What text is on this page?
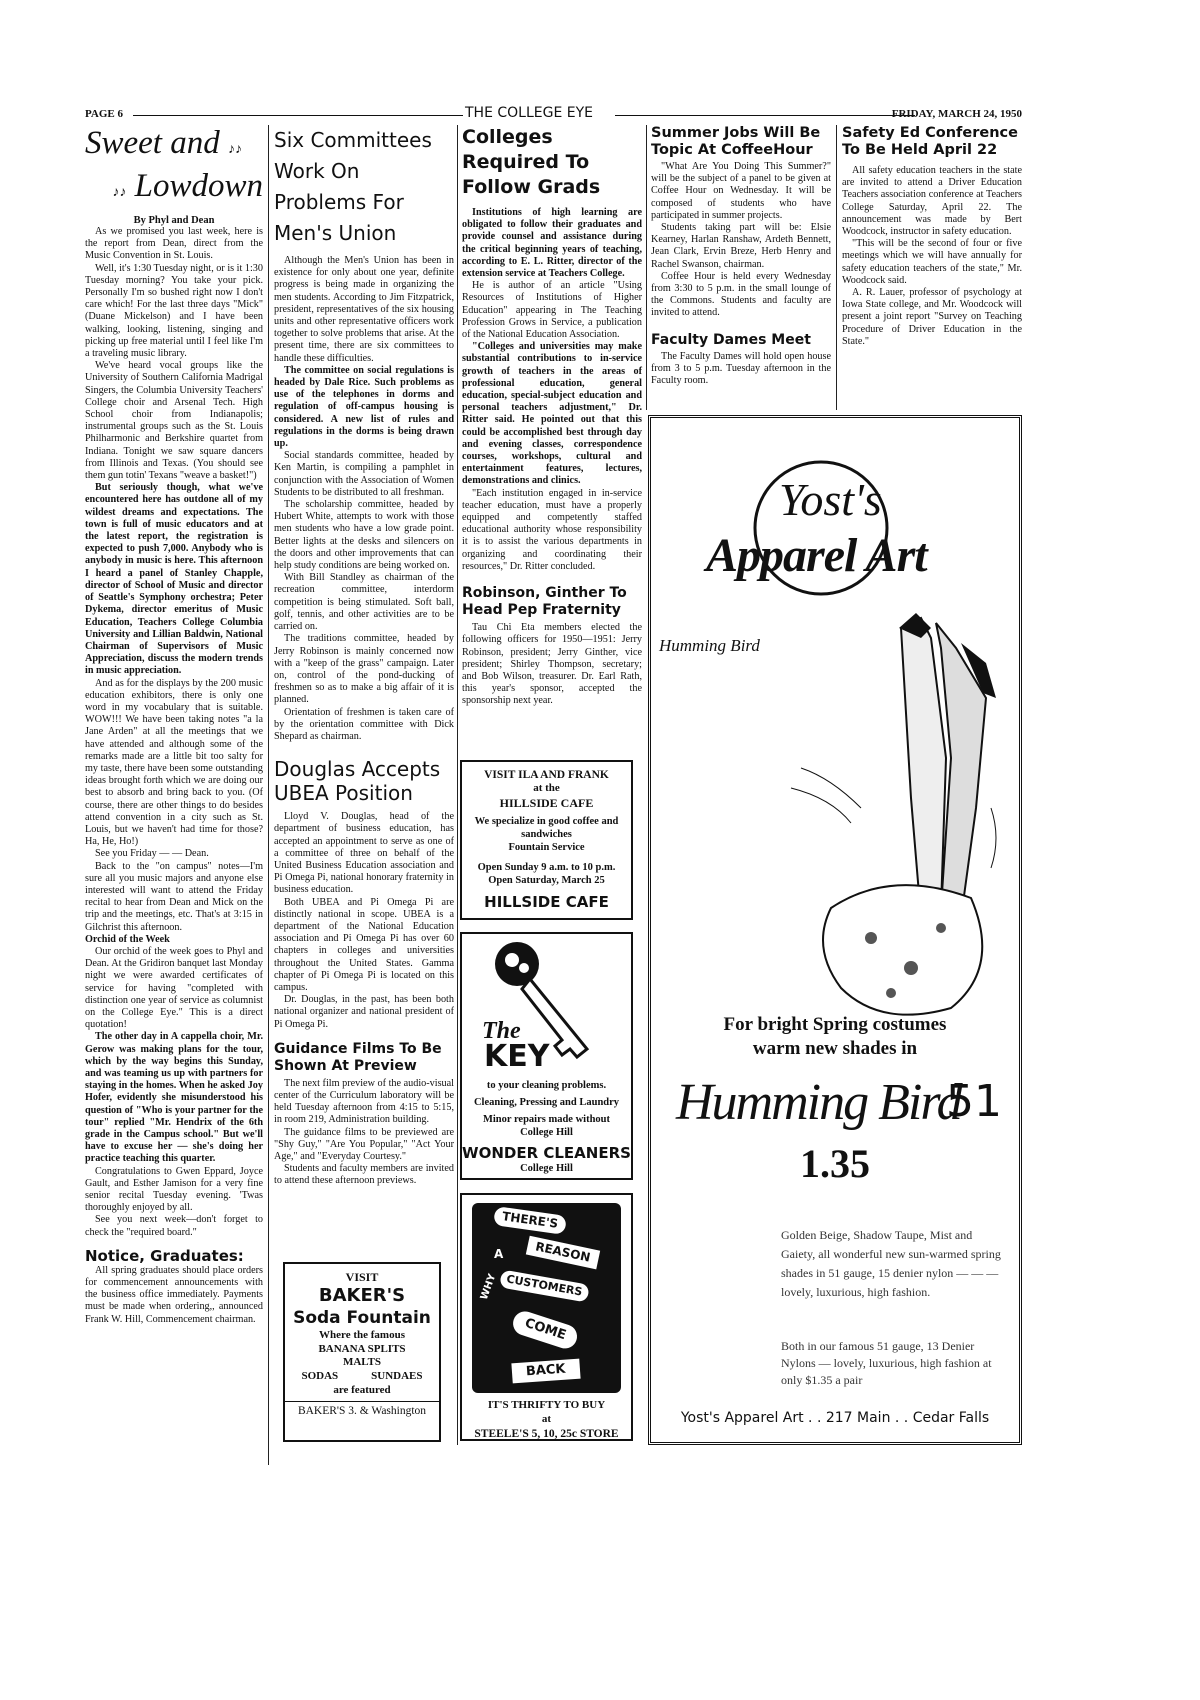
PAGE 6	THE COLLEGE EYE	FRIDAY, MARCH 24, 1950
Sweet and ♪♪
♪♪ Lowdown
By Phyl and Dean

As we promised you last week, here is the report from Dean, direct from the Music Convention in St. Louis.

Well, it's 1:30 Tuesday night, or is it 1:30 Tuesday morning? You take your pick. Personally I'm so bushed right now I don't care which! For the last three days "Mick" (Duane Mickelson) and I have been walking, looking, listening, singing and picking up free material until I feel like I'm a traveling music library.

We've heard vocal groups like the University of Southern California Madrigal Singers, the Columbia University Teachers' College choir and Arsenal Tech. High School choir from Indianapolis; instrumental groups such as the St. Louis Philharmonic and Berkshire quartet from Indiana. Tonight we saw square dancers from Illinois and Texas. (You should see them gun totin' Texans "weave a basket!")

But seriously though, what we've encountered here has outdone all of my wildest dreams and expectations. The town is full of music educators and at the latest report, the registration is expected to push 7,000. Anybody who is anybody in music is here. This afternoon I heard a panel of Stanley Chapple, director of School of Music and director of Seattle's Symphony orchestra; Peter Dykema, director emeritus of Music Education, Teachers College Columbia University and Lillian Baldwin, National Chairman of Supervisors of Music Appreciation, discuss the modern trends in music appreciation.

And as for the displays by the 200 music education exhibitors, there is only one word in my vocabulary that is suitable. WOW!!! We have been taking notes "a la Jane Arden" at all the meetings that we have attended and although some of the remarks made are a little bit too salty for my taste, there have been some outstanding ideas brought forth which we are doing our best to absorb and bring back to you. (Of course, there are other things to do besides attend convention in a city such as St. Louis, but we haven't had time for those? Ha, He, Ho!)

See you Friday — — Dean.

Back to the "on campus" notes—I'm sure all you music majors and anyone else interested will want to attend the Friday recital to hear from Dean and Mick on the trip and the meetings, etc. That's at 3:15 in Gilchrist this afternoon.

Orchid of the Week

Our orchid of the week goes to Phyl and Dean. At the Gridiron banquet last Monday night we were awarded certificates of service for having "completed with distinction one year of service as columnist on the College Eye." This is a direct quotation!

The other day in A cappella choir, Mr. Gerow was making plans for the tour, which by the way begins this Sunday, and was teaming us up with partners for staying in the homes. When he asked Joy Hofer, evidently she misunderstood his question of "Who is your partner for the tour" replied "Mr. Hendrix of the 6th grade in the Campus school." But we'll have to excuse her — she's doing her practice teaching this quarter.

Congratulations to Gwen Eppard, Joyce Gault, and Esther Jamison for a very fine senior recital Tuesday evening. 'Twas thoroughly enjoyed by all.

See you next week—don't forget to check the "required board."

Notice, Graduates:

All spring graduates should place orders for commencement announcements with the business office immediately. Payments must be made when ordering,, announced Frank W. Hill, Commencement chairman.

Six Committees Work On Problems For Men's Union

Although the Men's Union has been in existence for only about one year, definite progress is being made in organizing the men students. According to Jim Fitzpatrick, president, representatives of the six housing units and other representative officers work together to solve problems that arise. At the present time, there are six committees to handle these difficulties.

The committee on social regulations is headed by Dale Rice. Such problems as use of the telephones in dorms and regulation of off-campus housing is considered. A new list of rules and regulations in the dorms is being drawn up.

Social standards committee, headed by Ken Martin, is compiling a pamphlet in conjunction with the Association of Women Students to be distributed to all freshman.

The scholarship committee, headed by Hubert White, attempts to work with those men students who have a low grade point. Better lights at the desks and silencers on the doors and other improvements that can help study conditions are being worked on.

With Bill Standley as chairman of the recreation committee, interdorm competition is being stimulated. Soft ball, golf, tennis, and other activities are to be carried on.

The traditions committee, headed by Jerry Robinson is mainly concerned now with a "keep of the grass" campaign. Later on, control of the pond-ducking of freshmen so as to make a big affair of it is planned.

Orientation of freshmen is taken care of by the orientation committee with Dick Shepard as chairman.

Douglas Accepts UBEA Position

Lloyd V. Douglas, head of the department of business education, has accepted an appointment to serve as one of a committee of three on behalf of the United Business Education association and Pi Omega Pi, national honorary fraternity in business education.

Both UBEA and Pi Omega Pi are distinctly national in scope. UBEA is a department of the National Education association and Pi Omega Pi has over 60 chapters in colleges and universities throughout the United States. Gamma chapter of Pi Omega Pi is located on this campus.

Dr. Douglas, in the past, has been both national organizer and national president of Pi Omega Pi.

Guidance Films To Be Shown At Preview

The next film preview of the audio-visual center of the Curriculum laboratory will be held Tuesday afternoon from 4:15 to 5:15, in room 219, Administration building.

The guidance films to be previewed are "Shy Guy," "Are You Popular," "Act Your Age," and "Everyday Courtesy."

Students and faculty members are invited to attend these afternoon previews.

VISIT
BAKER'S
Soda Fountain
Where the famous
BANANA SPLITS
MALTS
SODAS	SUNDAES
are featured
BAKER'S 3. & Washington
Colleges Required To Follow Grads

Institutions of high learning are obligated to follow their graduates and provide counsel and assistance during the critical beginning years of teaching, according to E. L. Ritter, director of the extension service at Teachers College.

He is author of an article "Using Resources of Institutions of Higher Education" appearing in The Teaching Profession Grows in Service, a publication of the National Education Association.

"Colleges and universities may make substantial contributions to in-service growth of teachers in the areas of professional education, general education, special-subject education and personal teachers adjustment," Dr. Ritter said. He pointed out that this could be accomplished best through day and evening classes, correspondence courses, workshops, cultural and entertainment features, lectures, demonstrations and clinics.

"Each institution engaged in in-service teacher education, must have a properly equipped and competently staffed educational authority whose responsibility it is to assist the various departments in organizing and coordinating their resources," Dr. Ritter concluded.

Robinson, Ginther To Head Pep Fraternity

Tau Chi Eta members elected the following officers for 1950—1951: Jerry Robinson, president; Jerry Ginther, vice president; Shirley Thompson, secretary; and Bob Wilson, treasurer. Dr. Earl Rath, this year's sponsor, accepted the sponsorship next year.

VISIT ILA AND FRANK
at the
HILLSIDE CAFE
We specialize in good coffee and sandwiches
Fountain Service
Open Sunday 9 a.m. to 10 p.m.
Open Saturday, March 25
HILLSIDE CAFE
The
KEY
to your cleaning problems.
Cleaning, Pressing and Laundry
Minor repairs made without College Hill
WONDER CLEANERS
College Hill
THERE'S
A	REASON
WHY CUSTOMERS
COME
BACK
IT'S THRIFTY TO BUY
at
STEELE'S 5, 10, 25c STORE
Summer Jobs Will Be Topic At CoffeeHour

"What Are You Doing This Summer?" will be the subject of a panel to be given at Coffee Hour on Wednesday. It will be composed of students who have participated in summer projects.

Students taking part will be: Elsie Kearney, Harlan Ranshaw, Ardeth Bennett, Jean Clark, Ervin Breze, Herb Henry and Rachel Swanson, chairman.

Coffee Hour is held every Wednesday from 3:30 to 5 p.m. in the small lounge of the Commons. Students and faculty are invited to attend.

Faculty Dames Meet

The Faculty Dames will hold open house from 3 to 5 p.m. Tuesday afternoon in the Faculty room.

Safety Ed Conference To Be Held April 22

All safety education teachers in the state are invited to attend a Driver Education Teachers association conference at Teachers College Saturday, April 22. The announcement was made by Bert Woodcock, instructor in safety education.

"This will be the second of four or five meetings which we will have annually for safety education teachers of the state," Mr. Woodcock said.

A. R. Lauer, professor of psychology at Iowa State college, and Mr. Woodcock will present a joint report "Survey on Teaching Procedure of Driver Education in the State."

Yost's
Apparel Art
Humming Bird
For bright Spring costumes
warm new shades in
Humming Bird
51
1.35
Golden Beige, Shadow Taupe, Mist and Gaiety, all wonderful new sun-warmed spring shades in 51 gauge, 15 denier nylon — — — lovely, luxurious, high fashion.
Both in our famous 51 gauge, 13 Denier Nylons — lovely, luxurious, high fashion at only $1.35 a pair
Yost's Apparel Art . . 217 Main . . Cedar Falls
